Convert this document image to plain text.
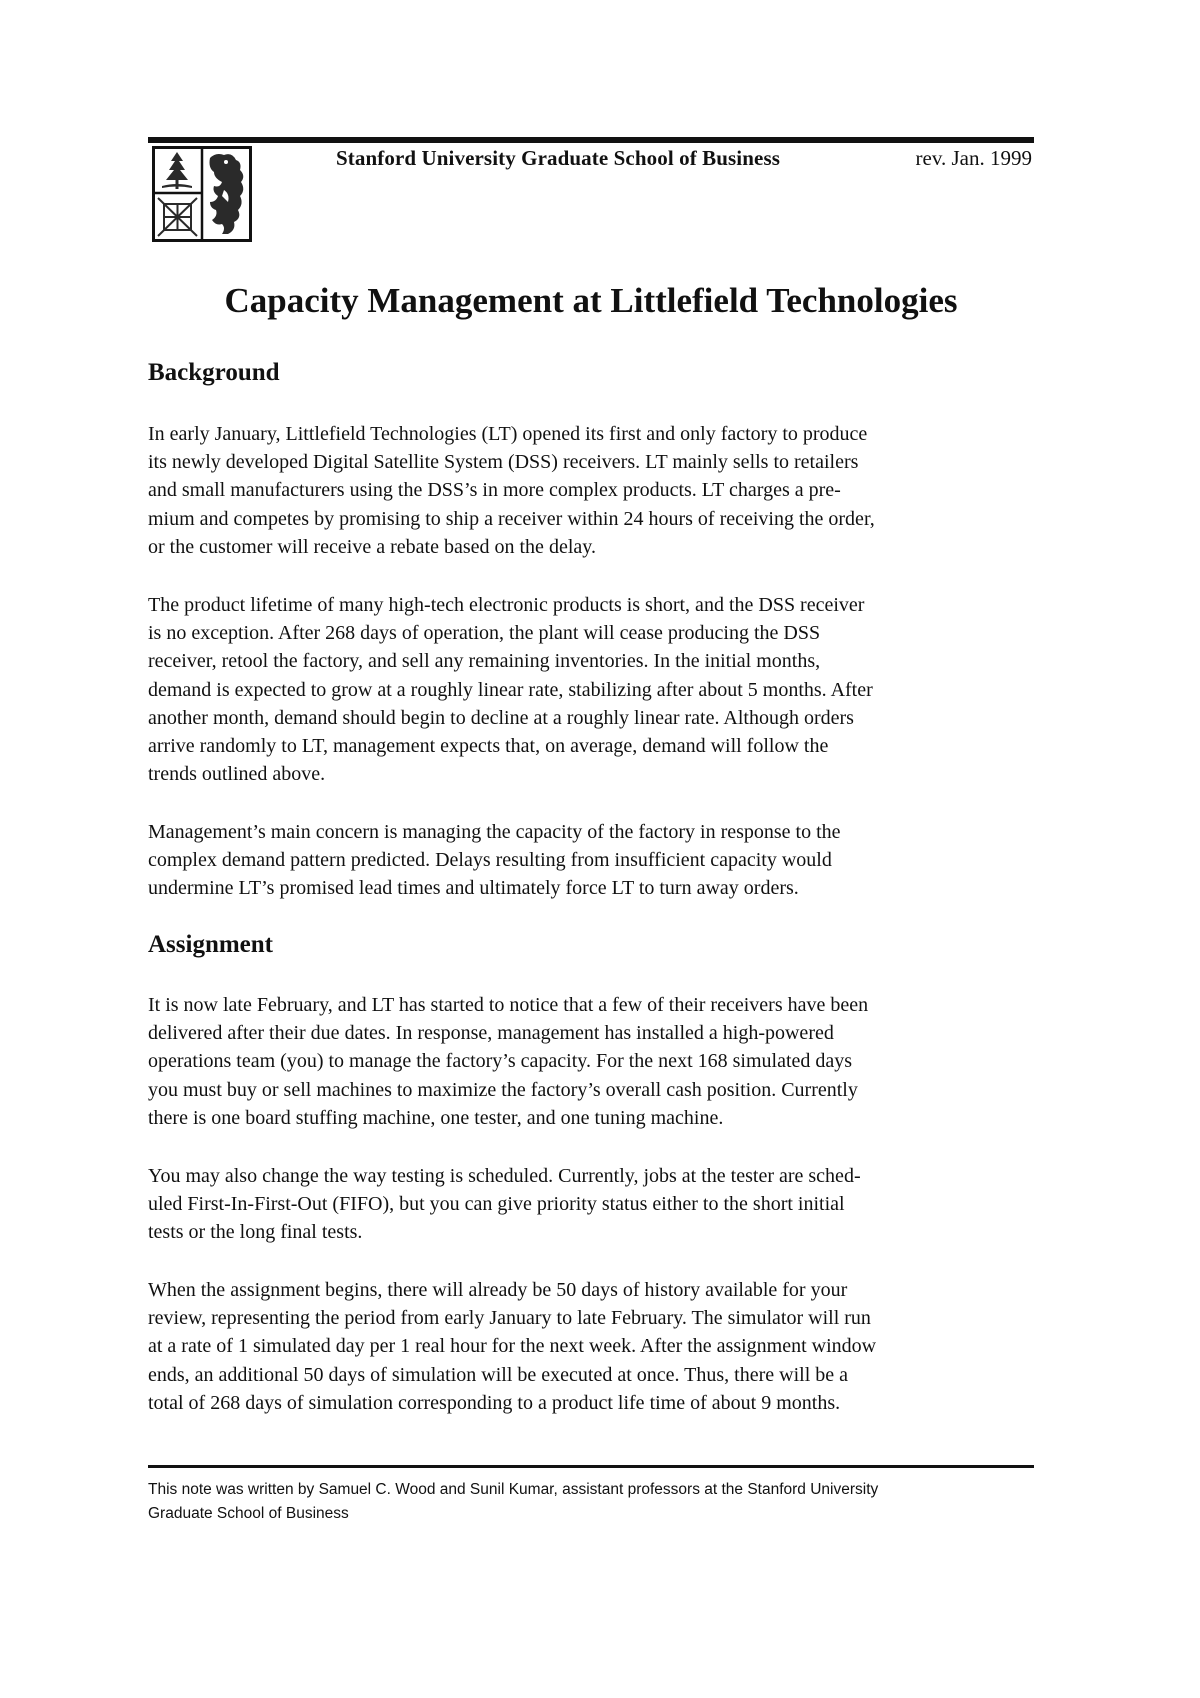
Stanford University Graduate School of Business	rev. Jan. 1999
Capacity Management at Littlefield Technologies
Background

In early January, Littlefield Technologies (LT) opened its first and only factory to produce
its newly developed Digital Satellite System (DSS) receivers. LT mainly sells to retailers
and small manufacturers using the DSS’s in more complex products. LT charges a pre-
mium and competes by promising to ship a receiver within 24 hours of receiving the order,
or the customer will receive a rebate based on the delay.

The product lifetime of many high-tech electronic products is short, and the DSS receiver
is no exception. After 268 days of operation, the plant will cease producing the DSS
receiver, retool the factory, and sell any remaining inventories. In the initial months,
demand is expected to grow at a roughly linear rate, stabilizing after about 5 months. After
another month, demand should begin to decline at a roughly linear rate. Although orders
arrive randomly to LT, management expects that, on average, demand will follow the
trends outlined above.

Management’s main concern is managing the capacity of the factory in response to the
complex demand pattern predicted. Delays resulting from insufficient capacity would
undermine LT’s promised lead times and ultimately force LT to turn away orders.

Assignment

It is now late February, and LT has started to notice that a few of their receivers have been
delivered after their due dates. In response, management has installed a high-powered
operations team (you) to manage the factory’s capacity. For the next 168 simulated days
you must buy or sell machines to maximize the factory’s overall cash position. Currently
there is one board stuffing machine, one tester, and one tuning machine.

You may also change the way testing is scheduled. Currently, jobs at the tester are sched-
uled First-In-First-Out (FIFO), but you can give priority status either to the short initial
tests or the long final tests.

When the assignment begins, there will already be 50 days of history available for your
review, representing the period from early January to late February. The simulator will run
at a rate of 1 simulated day per 1 real hour for the next week. After the assignment window
ends, an additional 50 days of simulation will be executed at once. Thus, there will be a
total of 268 days of simulation corresponding to a product life time of about 9 months.

This note was written by Samuel C. Wood and Sunil Kumar, assistant professors at the Stanford University
Graduate School of Business
